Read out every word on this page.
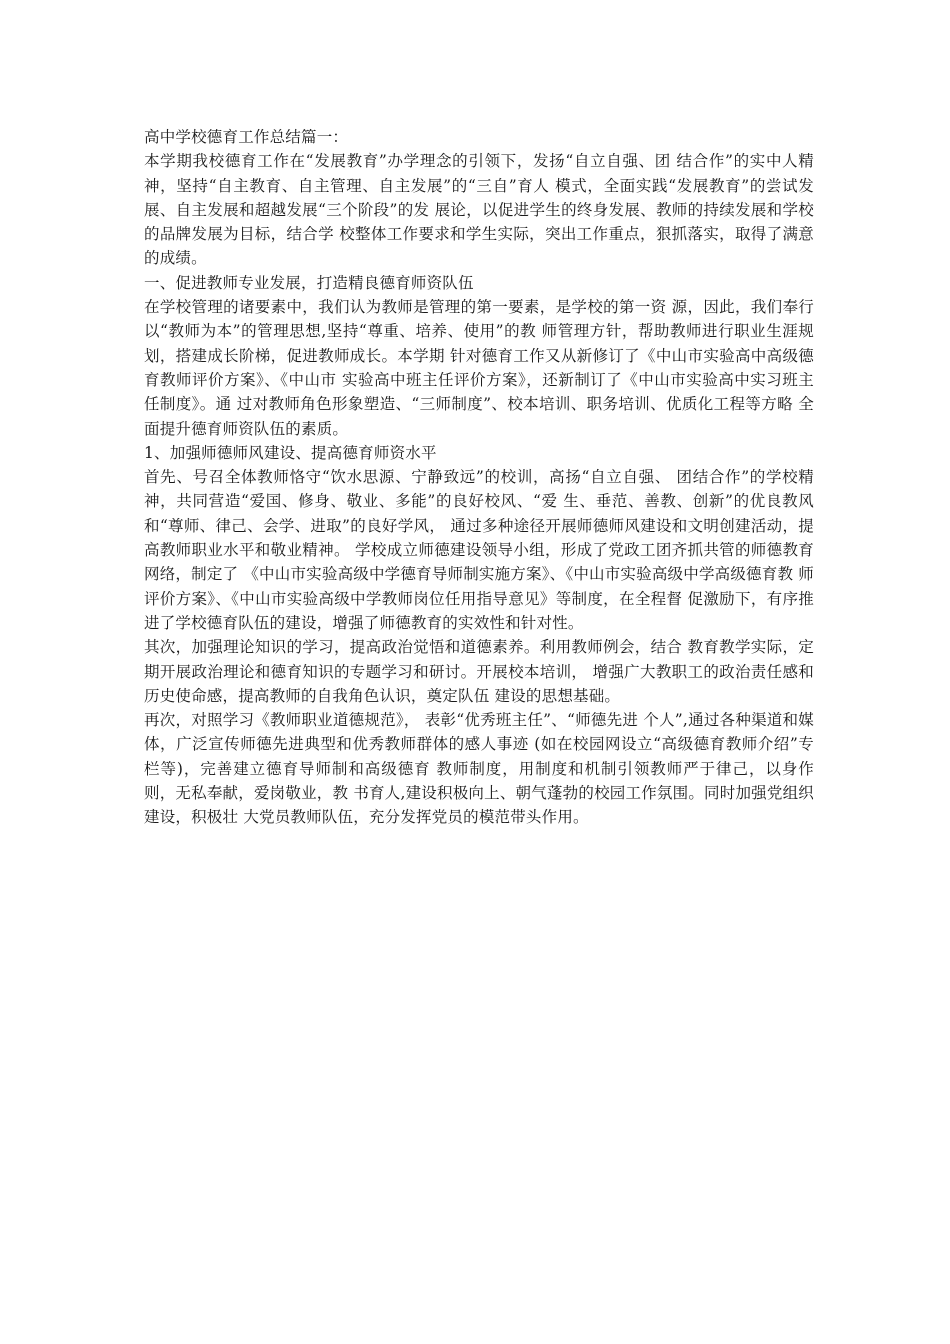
高中学校德育工作总结篇一：

本学期我校德育工作在“发展教育”办学理念的引领下，发扬“自立自强、团 结合作”的实中人精神，坚持“自主教育、自主管理、自主发展”的“三自”育人 模式，全面实践“发展教育”的尝试发展、自主发展和超越发展“三个阶段”的发 展论，以促进学生的终身发展、教师的持续发展和学校的品牌发展为目标，结合学 校整体工作要求和学生实际，突出工作重点，狠抓落实，取得了满意的成绩。

一、促进教师专业发展，打造精良德育师资队伍

在学校管理的诸要素中，我们认为教师是管理的第一要素，是学校的第一资 源，因此，我们奉行以“教师为本”的管理思想,坚持“尊重、培养、使用”的教 师管理方针，帮助教师进行职业生涯规划，搭建成长阶梯，促进教师成长。本学期 针对德育工作又从新修订了《中山市实验高中高级德育教师评价方案》、《中山市 实验高中班主任评价方案》，还新制订了《中山市实验高中实习班主任制度》。通 过对教师角色形象塑造、“三师制度”、校本培训、职务培训、优质化工程等方略 全面提升德育师资队伍的素质。

1、加强师德师风建设、提高德育师资水平

首先、号召全体教师恪守“饮水思源、宁静致远”的校训，高扬“自立自强、 团结合作”的学校精神，共同营造“爱国、修身、敬业、多能”的良好校风、“爱 生、垂范、善教、创新”的优良教风和“尊师、律己、会学、进取”的良好学风， 通过多种途径开展师德师风建设和文明创建活动，提高教师职业水平和敬业精神。 学校成立师德建设领导小组，形成了党政工团齐抓共管的师德教育网络，制定了 《中山市实验高级中学德育导师制实施方案》、《中山市实验高级中学高级德育教 师评价方案》、《中山市实验高级中学教师岗位任用指导意见》等制度，在全程督 促激励下，有序推进了学校德育队伍的建设，增强了师德教育的实效性和针对性。

其次，加强理论知识的学习，提高政治觉悟和道德素养。利用教师例会，结合 教育教学实际，定期开展政治理论和德育知识的专题学习和研讨。开展校本培训， 增强广大教职工的政治责任感和历史使命感，提高教师的自我角色认识，奠定队伍 建设的思想基础。

再次，对照学习《教师职业道德规范》， 表彰“优秀班主任”、“师德先进 个人”,通过各种渠道和媒体，广泛宣传师德先进典型和优秀教师群体的感人事迹 (如在校园网设立“高级德育教师介绍”专栏等)，完善建立德育导师制和高级德育 教师制度，用制度和机制引领教师严于律己，以身作则，无私奉献，爱岗敬业，教 书育人,建设积极向上、朝气蓬勃的校园工作氛围。同时加强党组织建设，积极壮 大党员教师队伍，充分发挥党员的模范带头作用。
